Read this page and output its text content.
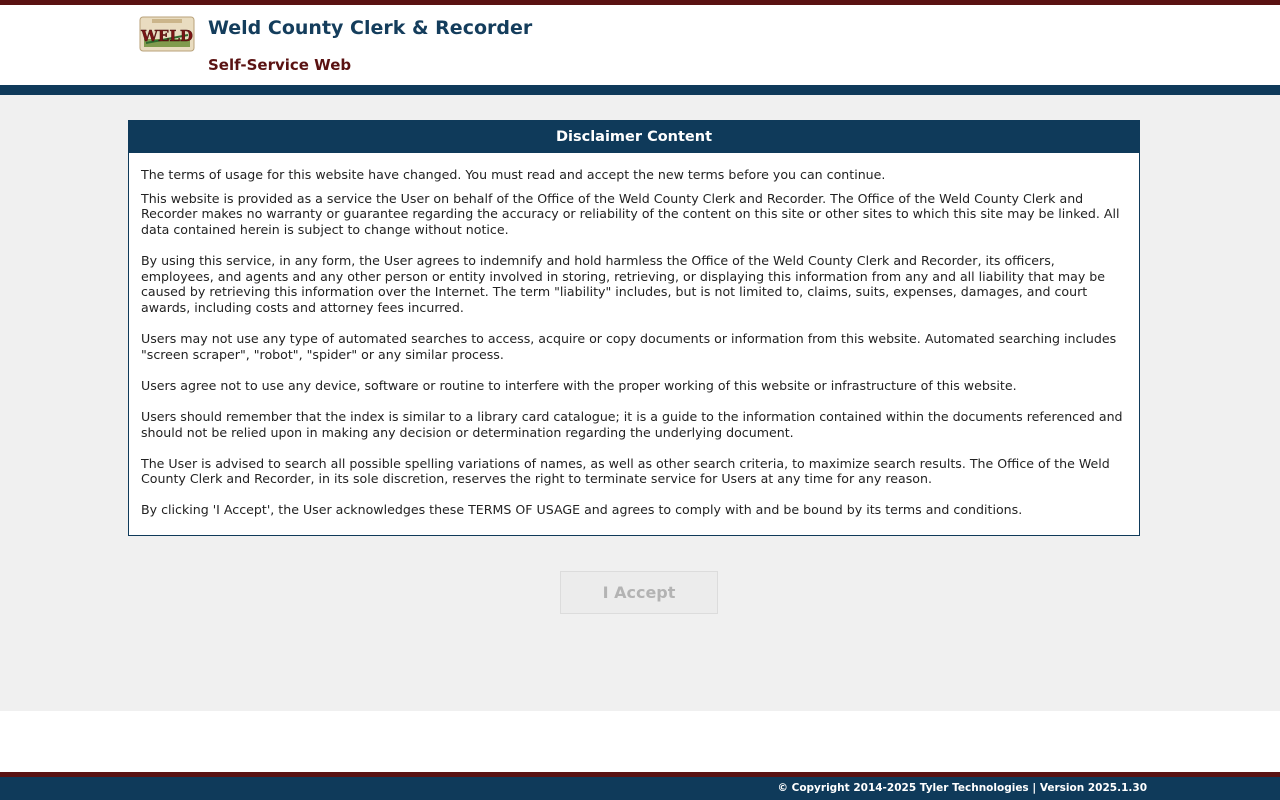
WELD Weld County Clerk & Recorder
Self-Service Web
Disclaimer Content

The terms of usage for this website have changed. You must read and accept the new terms before you can continue.

This website is provided as a service the User on behalf of the Office of the Weld County Clerk and Recorder. The Office of the Weld County Clerk and Recorder makes no warranty or guarantee regarding the accuracy or reliability of the content on this site or other sites to which this site may be linked. All data contained herein is subject to change without notice.

By using this service, in any form, the User agrees to indemnify and hold harmless the Office of the Weld County Clerk and Recorder, its officers, employees, and agents and any other person or entity involved in storing, retrieving, or displaying this information from any and all liability that may be caused by retrieving this information over the Internet. The term "liability" includes, but is not limited to, claims, suits, expenses, damages, and court awards, including costs and attorney fees incurred.

Users may not use any type of automated searches to access, acquire or copy documents or information from this website. Automated searching includes "screen scraper", "robot", "spider" or any similar process.

Users agree not to use any device, software or routine to interfere with the proper working of this website or infrastructure of this website.

Users should remember that the index is similar to a library card catalogue; it is a guide to the information contained within the documents referenced and should not be relied upon in making any decision or determination regarding the underlying document.

The User is advised to search all possible spelling variations of names, as well as other search criteria, to maximize search results. The Office of the Weld County Clerk and Recorder, in its sole discretion, reserves the right to terminate service for Users at any time for any reason.

By clicking 'I Accept', the User acknowledges these TERMS OF USAGE and agrees to comply with and be bound by its terms and conditions.

I Accept
© Copyright 2014-2025 Tyler Technologies | Version 2025.1.30
